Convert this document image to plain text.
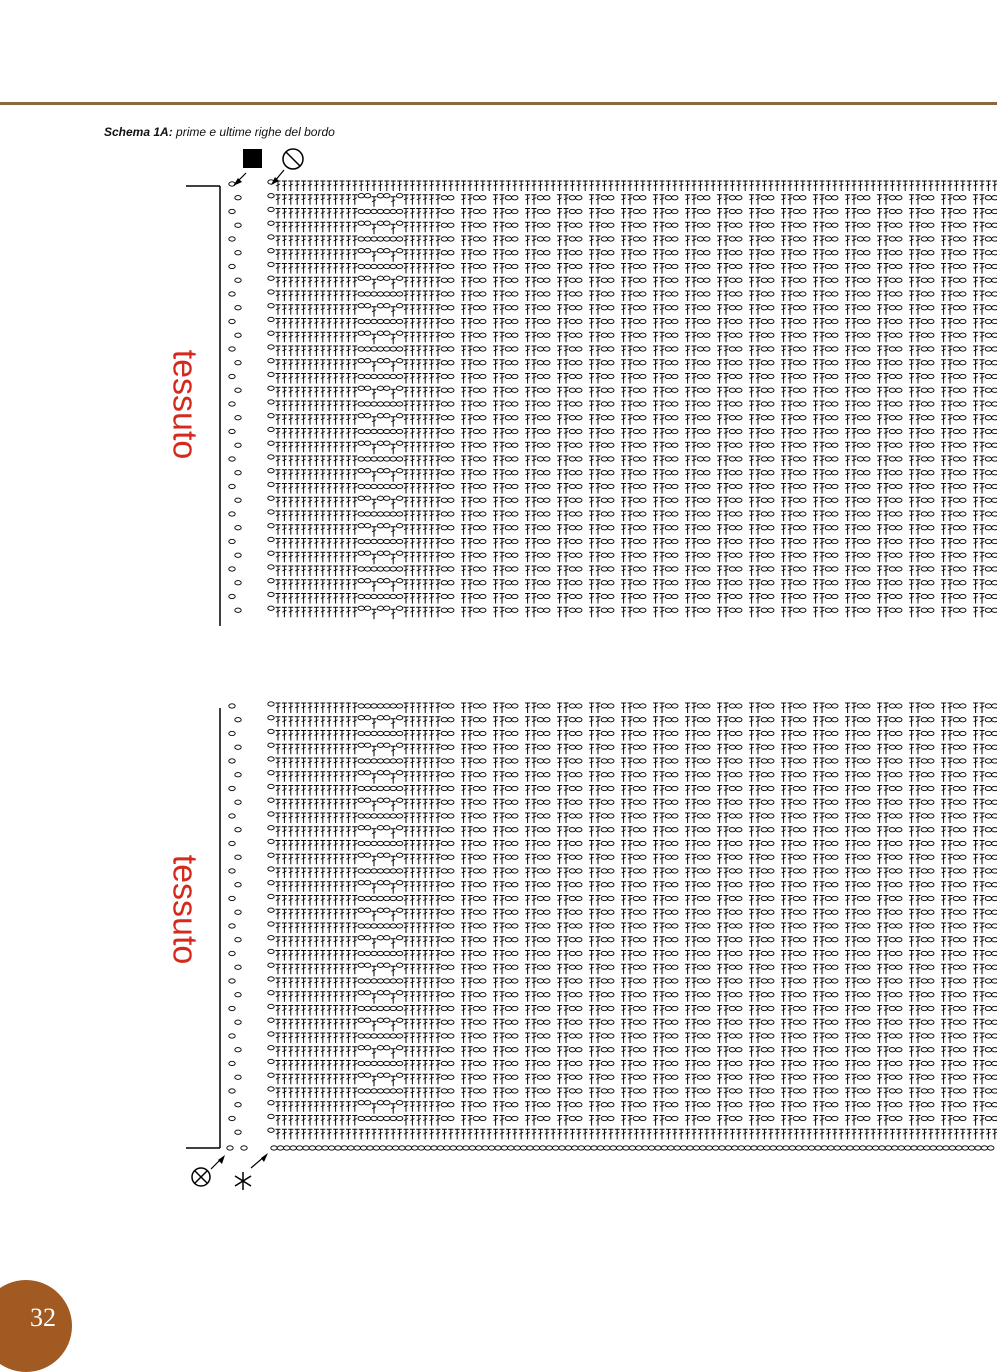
Schema 1A: prime e ultime righe del bordo
tessuto
tessuto
32
